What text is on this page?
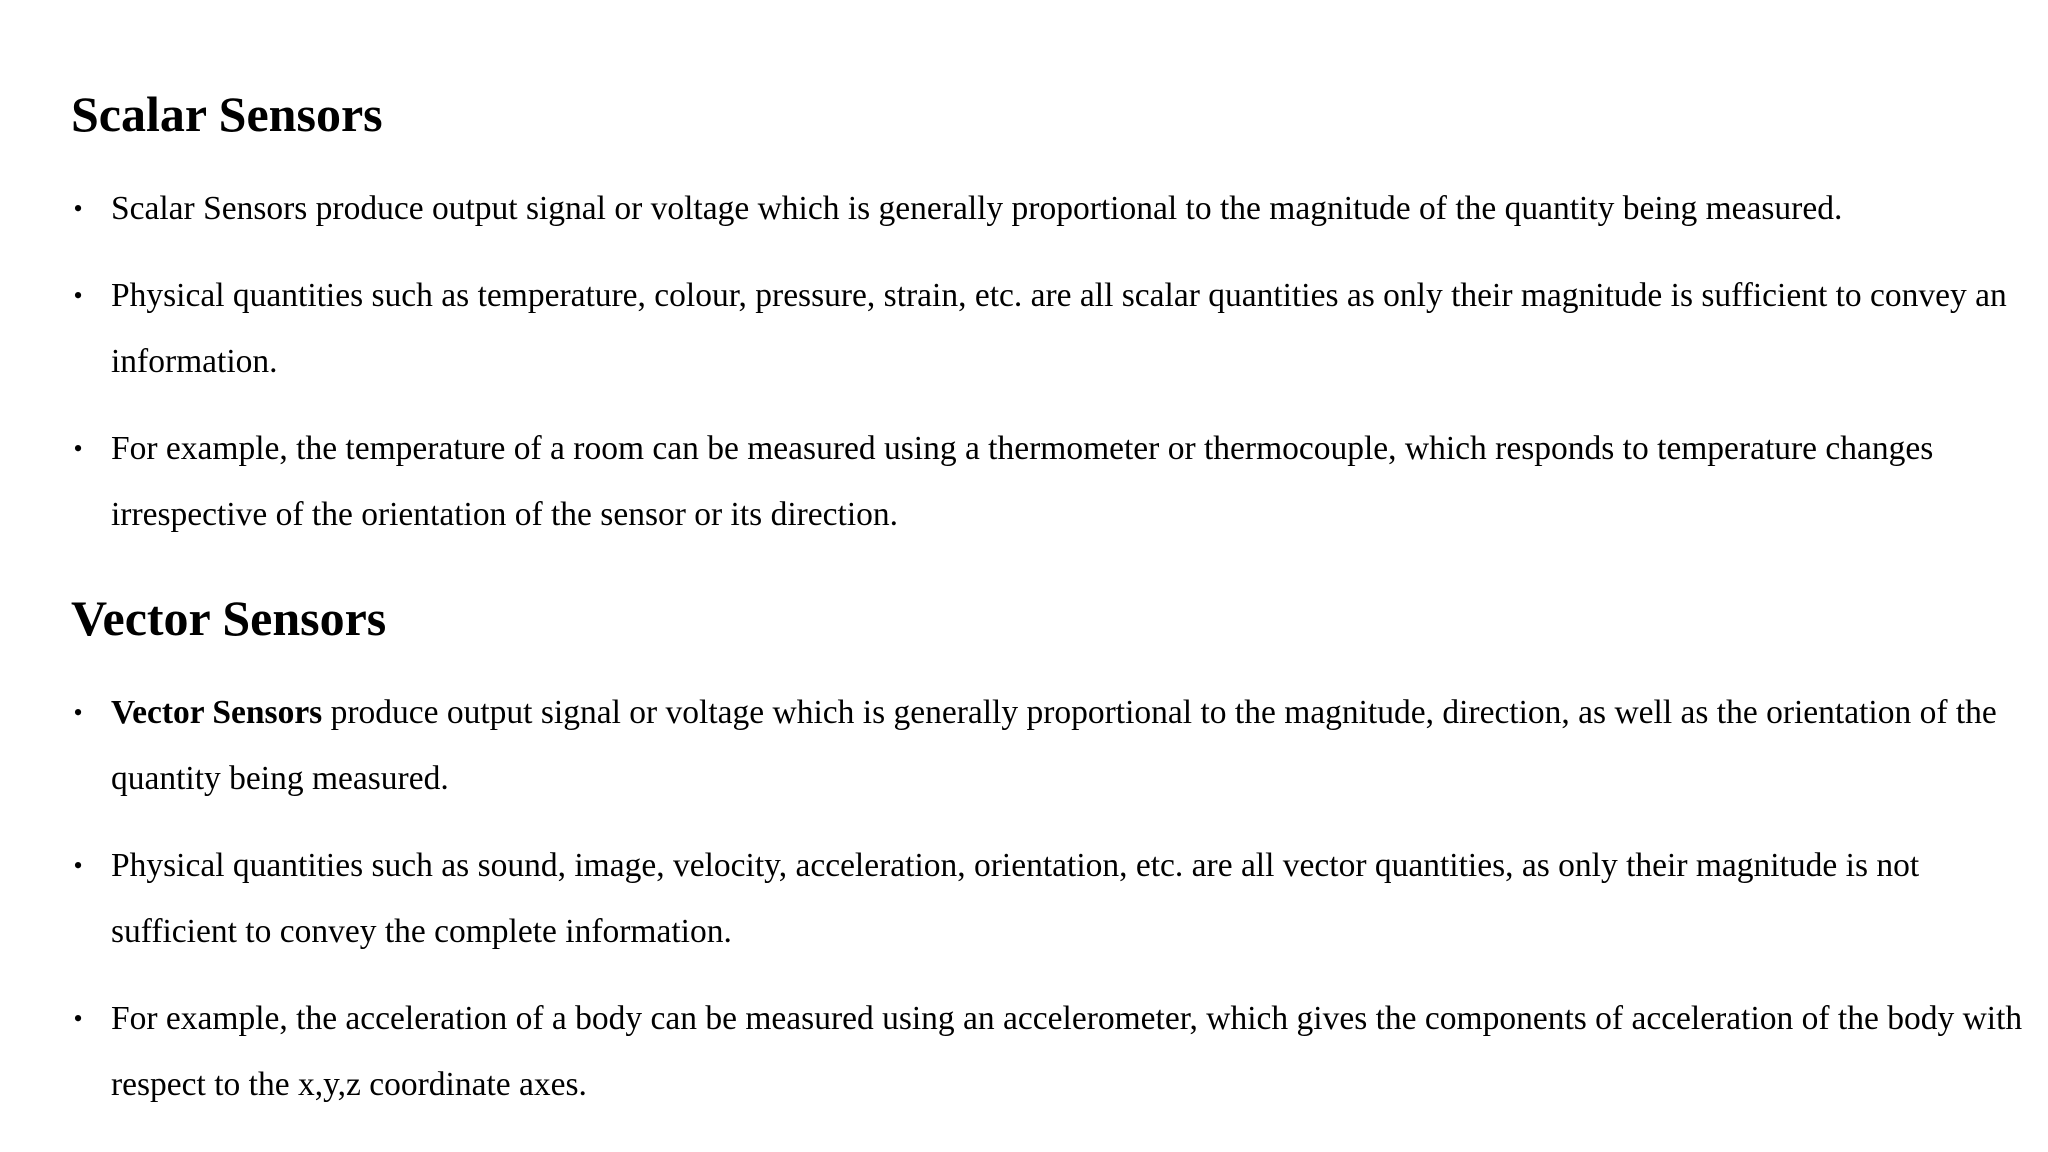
Scalar Sensors
• Scalar Sensors produce output signal or voltage which is generally proportional to the magnitude of the quantity being measured.
• Physical quantities such as temperature, colour, pressure, strain, etc. are all scalar quantities as only their magnitude is sufficient to convey an information.
• For example, the temperature of a room can be measured using a thermometer or thermocouple, which responds to temperature changes irrespective of the orientation of the sensor or its direction.
Vector Sensors
• Vector Sensors produce output signal or voltage which is generally proportional to the magnitude, direction, as well as the orientation of the quantity being measured.
• Physical quantities such as sound, image, velocity, acceleration, orientation, etc. are all vector quantities, as only their magnitude is not sufficient to convey the complete information.
• For example, the acceleration of a body can be measured using an accelerometer, which gives the components of acceleration of the body with respect to the x,y,z coordinate axes.
